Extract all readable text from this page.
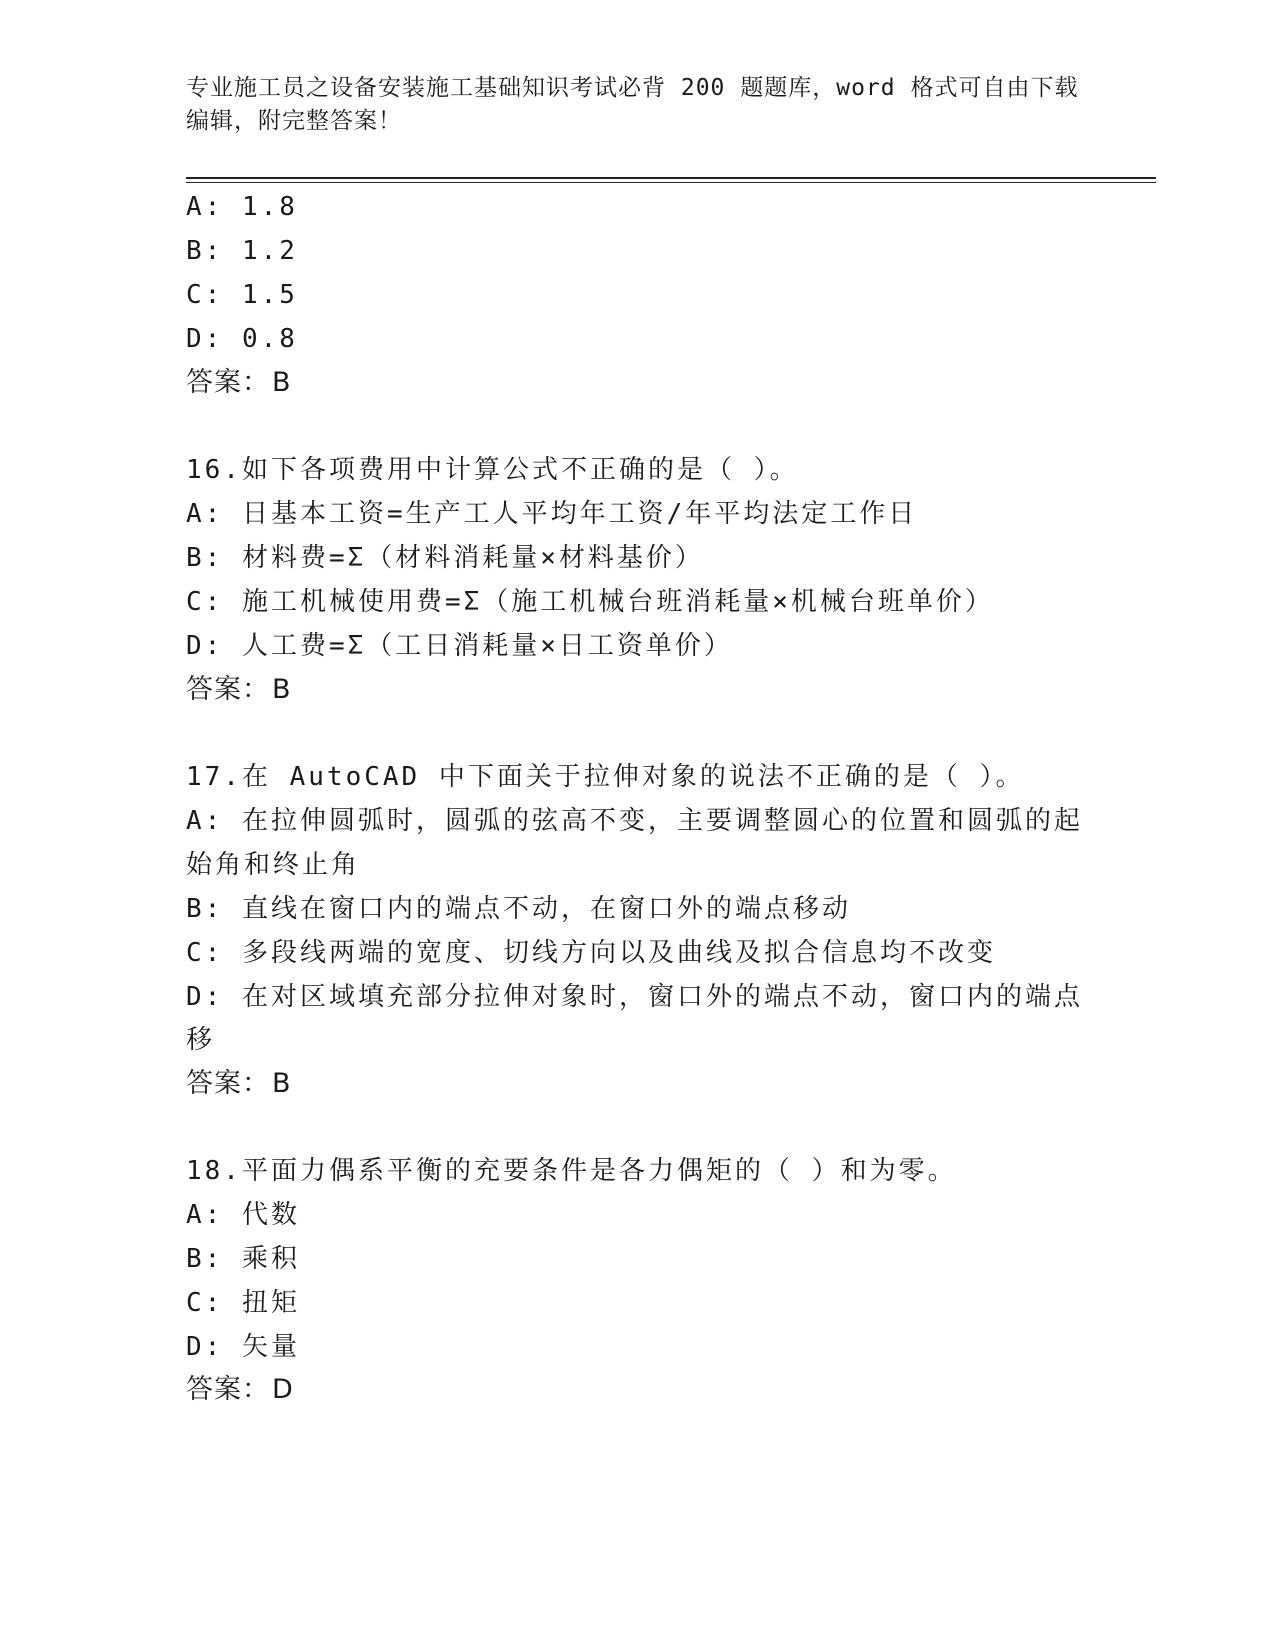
专业施工员之设备安装施工基础知识考试必背 200 题题库，word 格式可自由下载
编辑，附完整答案！
A: 1.8
B: 1.2
C: 1.5
D: 0.8
答案：B
16.如下各项费用中计算公式不正确的是（ ）。
A: 日基本工资=生产工人平均年工资/年平均法定工作日
B: 材料费=Σ（材料消耗量×材料基价）
C: 施工机械使用费=Σ（施工机械台班消耗量×机械台班单价）
D: 人工费=Σ（工日消耗量×日工资单价）
答案：B
17.在 AutoCAD 中下面关于拉伸对象的说法不正确的是（ ）。
A: 在拉伸圆弧时，圆弧的弦高不变，主要调整圆心的位置和圆弧的起
始角和终止角
B: 直线在窗口内的端点不动，在窗口外的端点移动
C: 多段线两端的宽度、切线方向以及曲线及拟合信息均不改变
D: 在对区域填充部分拉伸对象时，窗口外的端点不动，窗口内的端点
移
答案：B
18.平面力偶系平衡的充要条件是各力偶矩的（ ）和为零。
A: 代数
B: 乘积
C: 扭矩
D: 矢量
答案：D
